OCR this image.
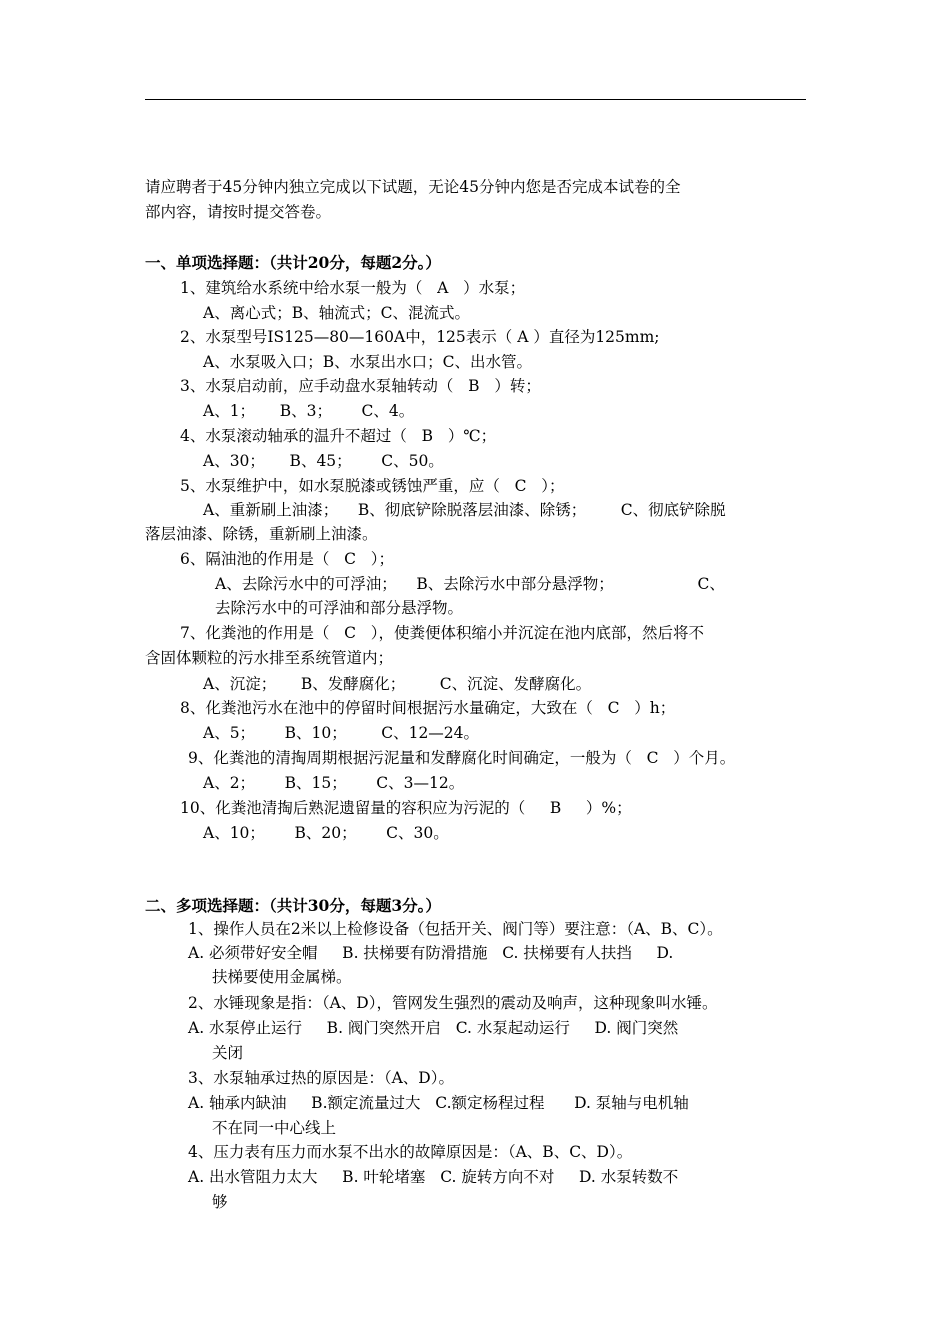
请应聘者于45分钟内独立完成以下试题，无论45分钟内您是否完成本试卷的全
部内容，请按时提交答卷。
一、单项选择题：（共计20分，每题2分。）
1、建筑给水系统中给水泵一般为（   A   ）水泵；
A、离心式；B、轴流式；C、混流式。
2、水泵型号IS125—80—160A中，125表示（ A ）直径为125mm;
A、水泵吸入口；B、水泵出水口；C、出水管。
3、水泵启动前，应手动盘水泵轴转动（   B   ）转；
A、1；     B、3；      C、4。
4、水泵滚动轴承的温升不超过（   B   ）℃；
A、30；     B、45；      C、50。
5、水泵维护中，如水泵脱漆或锈蚀严重，应（   C   ）；
A、重新刷上油漆；    B、彻底铲除脱落层油漆、除锈；       C、彻底铲除脱
落层油漆、除锈，重新刷上油漆。
6、隔油池的作用是（   C   ）；
A、去除污水中的可浮油；    B、去除污水中部分悬浮物；                 C、
去除污水中的可浮油和部分悬浮物。
7、化粪池的作用是（   C   ），使粪便体积缩小并沉淀在池内底部，然后将不
含固体颗粒的污水排至系统管道内；
A、沉淀；     B、发酵腐化；       C、沉淀、发酵腐化。
8、化粪池污水在池中的停留时间根据污水量确定，大致在（   C   ）h；
A、5；      B、10；       C、12—24。
9、化粪池的清掏周期根据污泥量和发酵腐化时间确定，一般为（   C   ）个月。
A、2；      B、15；      C、3—12。
10、化粪池清掏后熟泥遗留量的容积应为污泥的（     B     ）%；
A、10；      B、20；      C、30。
二、多项选择题：（共计30分，每题3分。）
1、操作人员在2米以上检修设备（包括开关、阀门等）要注意：（A、B、C）。
A. 必须带好安全帽     B. 扶梯要有防滑措施   C. 扶梯要有人扶挡     D.
扶梯要使用金属梯。
2、水锤现象是指：（A、D），管网发生强烈的震动及响声，这种现象叫水锤。
A. 水泵停止运行     B. 阀门突然开启   C. 水泵起动运行     D. 阀门突然
关闭
3、水泵轴承过热的原因是：（A、D）。
A. 轴承内缺油     B.额定流量过大   C.额定杨程过程      D. 泵轴与电机轴
不在同一中心线上
4、压力表有压力而水泵不出水的故障原因是：（A、B、C、D）。
A. 出水管阻力太大     B. 叶轮堵塞   C. 旋转方向不对     D. 水泵转数不
够
